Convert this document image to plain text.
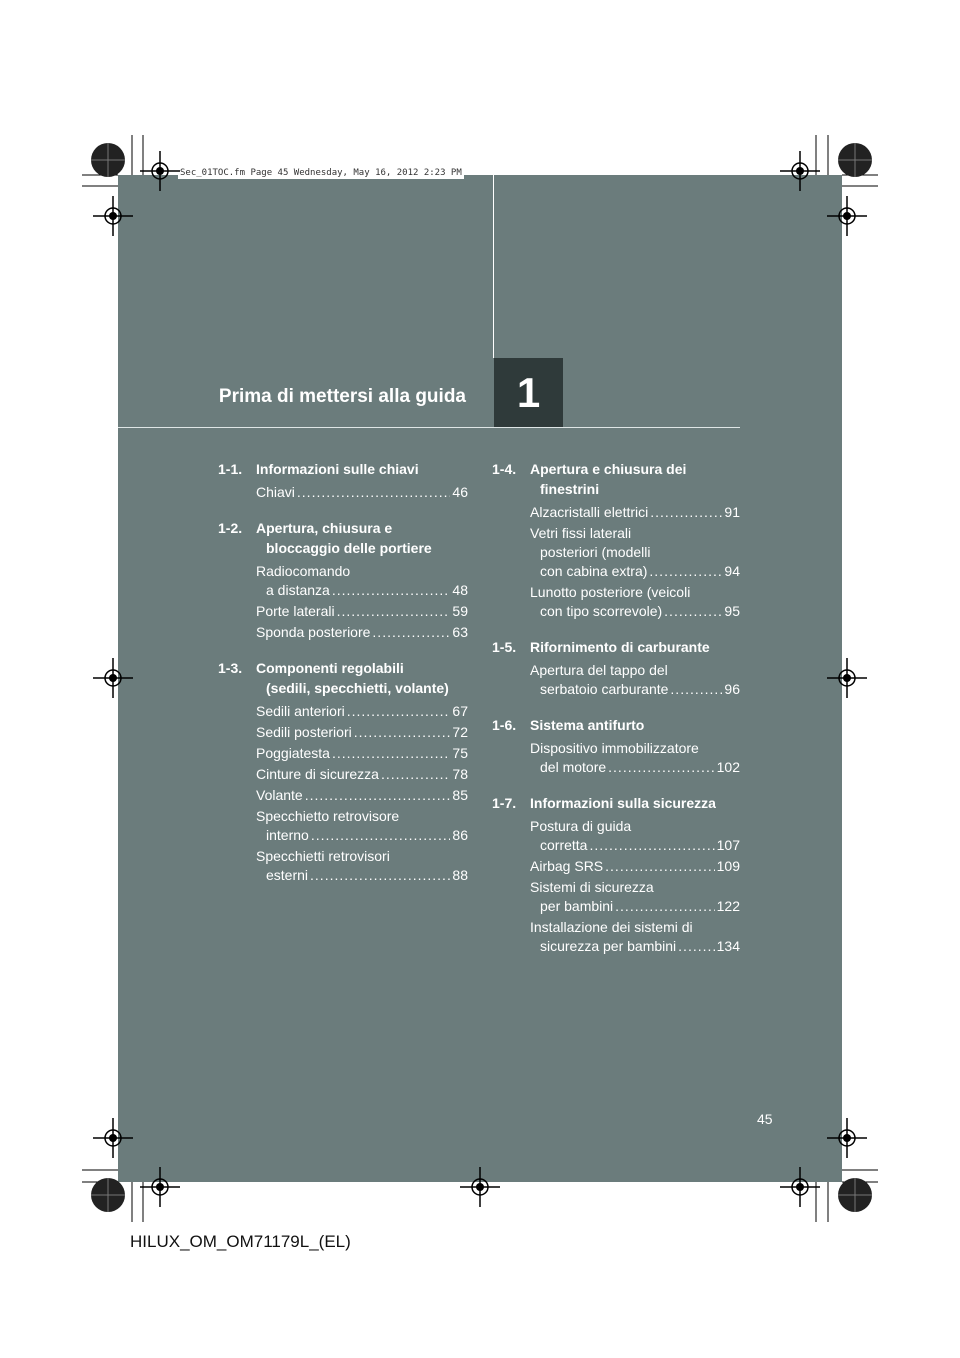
Prima di mettersi alla guida	1
Sec_01TOC.fm Page 45 Wednesday, May 16, 2012 2:23 PM
1-1. Informazioni sulle chiavi
Chiavi .....	46
1-2. Apertura, chiusura e
bloccaggio delle portiere
Radiocomando
a distanza .....	48
Porte laterali .....	59
Sponda posteriore .....	63
1-3. Componenti regolabili
(sedili, specchietti, volante)
Sedili anteriori .....	67
Sedili posteriori .....	72
Poggiatesta .....	75
Cinture di sicurezza .....	78
Volante .....	85
Specchietto retrovisore
interno .....	86
Specchietti retrovisori
esterni .....	88
1-4. Apertura e chiusura dei
finestrini
Alzacristalli elettrici .....	91
Vetri fissi laterali
posteriori (modelli
con cabina extra) .....	94
Lunotto posteriore (veicoli
con tipo scorrevole) .....	95
1-5. Rifornimento di carburante
Apertura del tappo del
serbatoio carburante .....	96
1-6. Sistema antifurto
Dispositivo immobilizzatore
del motore .....	102
1-7. Informazioni sulla sicurezza
Postura di guida
corretta .....	107
Airbag SRS .....	109
Sistemi di sicurezza
per bambini .....	122
Installazione dei sistemi di
sicurezza per bambini .....	134
45
HILUX_OM_OM71179L_(EL)
